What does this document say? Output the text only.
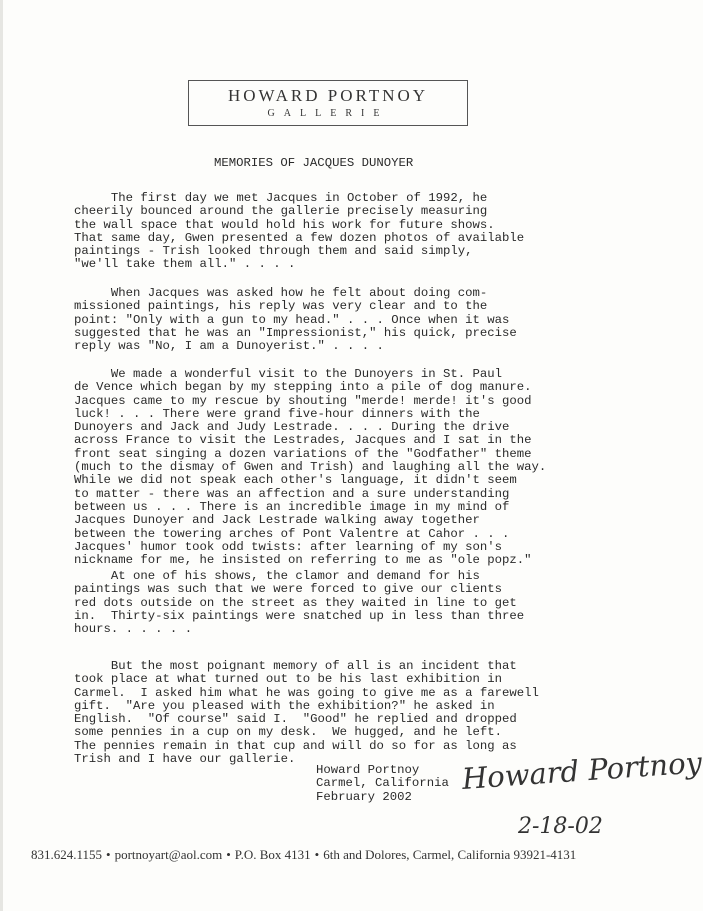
HOWARD PORTNOY
GALLERIE
MEMORIES OF JACQUES DUNOYER
The first day we met Jacques in October of 1992, he
cheerily bounced around the gallerie precisely measuring
the wall space that would hold his work for future shows.
That same day, Gwen presented a few dozen photos of available
paintings - Trish looked through them and said simply,
"we'll take them all." . . . .
When Jacques was asked how he felt about doing com-
missioned paintings, his reply was very clear and to the
point: "Only with a gun to my head." . . . Once when it was
suggested that he was an "Impressionist," his quick, precise
reply was "No, I am a Dunoyerist." . . . .
We made a wonderful visit to the Dunoyers in St. Paul
de Vence which began by my stepping into a pile of dog manure.
Jacques came to my rescue by shouting "merde! merde! it's good
luck! . . . There were grand five-hour dinners with the
Dunoyers and Jack and Judy Lestrade. . . . During the drive
across France to visit the Lestrades, Jacques and I sat in the
front seat singing a dozen variations of the "Godfather" theme
(much to the dismay of Gwen and Trish) and laughing all the way.
While we did not speak each other's language, it didn't seem
to matter - there was an affection and a sure understanding
between us . . . There is an incredible image in my mind of
Jacques Dunoyer and Jack Lestrade walking away together
between the towering arches of Pont Valentre at Cahor . . .
Jacques' humor took odd twists: after learning of my son's
nickname for me, he insisted on referring to me as "ole popz."
At one of his shows, the clamor and demand for his
paintings was such that we were forced to give our clients
red dots outside on the street as they waited in line to get
in.  Thirty-six paintings were snatched up in less than three
hours. . . . . .
But the most poignant memory of all is an incident that
took place at what turned out to be his last exhibition in
Carmel.  I asked him what he was going to give me as a farewell
gift.  "Are you pleased with the exhibition?" he asked in
English.  "Of course" said I.  "Good" he replied and dropped
some pennies in a cup on my desk.  We hugged, and he left.
The pennies remain in that cup and will do so for as long as
Trish and I have our gallerie.
Howard Portnoy
Carmel, California
February 2002
Howard Portnoy
2-18-02
831.624.1155 • portnoyart@aol.com • P.O. Box 4131 • 6th and Dolores, Carmel, California 93921-4131
